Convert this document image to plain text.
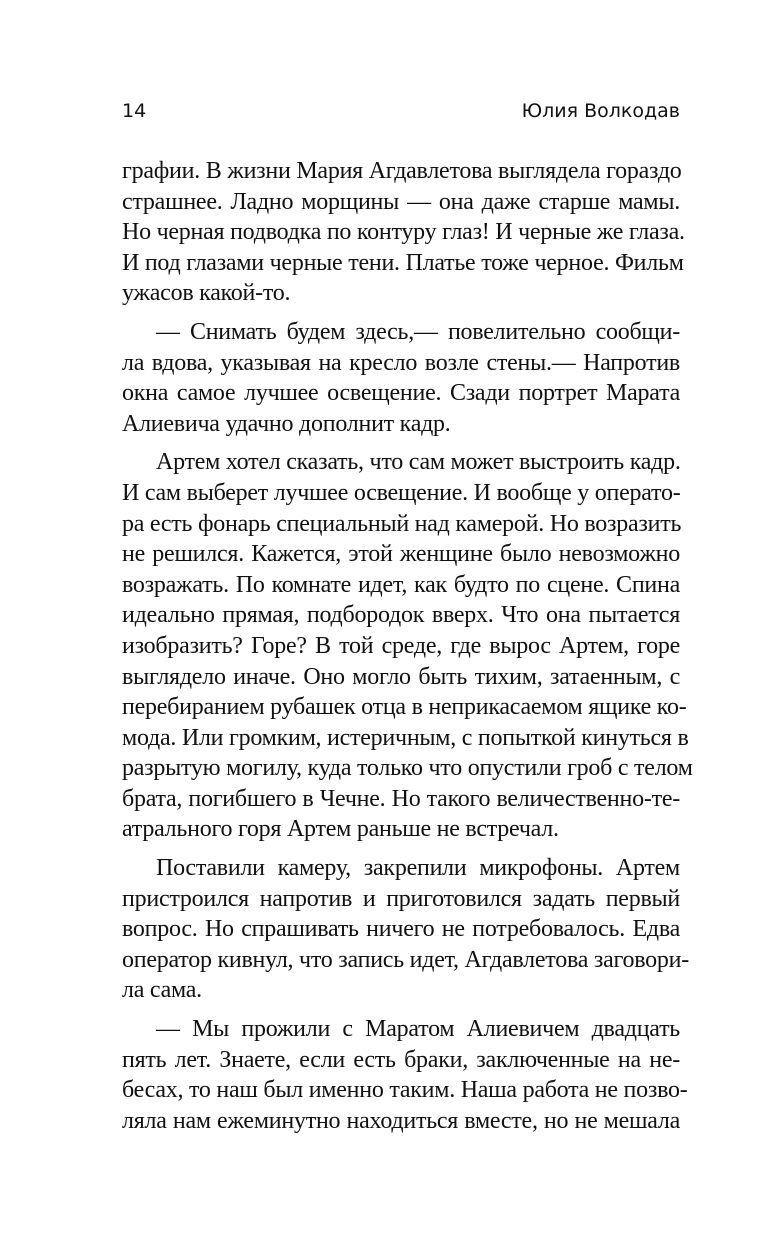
14	Юлия Волкодав
графии. В жизни Мария Агдавлетова выглядела гораздо
страшнее. Ладно морщины — она даже старше мамы.
Но черная подводка по контуру глаз! И черные же глаза.
И под глазами черные тени. Платье тоже черное. Фильм
ужасов какой-то.
— Снимать будем здесь,— повелительно сообщи-
ла вдова, указывая на кресло возле стены.— Напротив
окна самое лучшее освещение. Сзади портрет Марата
Алиевича удачно дополнит кадр.
Артем хотел сказать, что сам может выстроить кадр.
И сам выберет лучшее освещение. И вообще у операто-
ра есть фонарь специальный над камерой. Но возразить
не решился. Кажется, этой женщине было невозможно
возражать. По комнате идет, как будто по сцене. Спина
идеально прямая, подбородок вверх. Что она пытается
изобразить? Горе? В той среде, где вырос Артем, горе
выглядело иначе. Оно могло быть тихим, затаенным, с
перебиранием рубашек отца в неприкасаемом ящике ко-
мода. Или громким, истеричным, с попыткой кинуться в
разрытую могилу, куда только что опустили гроб с телом
брата, погибшего в Чечне. Но такого величественно-те-
атрального горя Артем раньше не встречал.
Поставили камеру, закрепили микрофоны. Артем
пристроился напротив и приготовился задать первый
вопрос. Но спрашивать ничего не потребовалось. Едва
оператор кивнул, что запись идет, Агдавлетова заговори-
ла сама.
— Мы прожили с Маратом Алиевичем двадцать
пять лет. Знаете, если есть браки, заключенные на не-
бесах, то наш был именно таким. Наша работа не позво-
ляла нам ежеминутно находиться вместе, но не мешала
